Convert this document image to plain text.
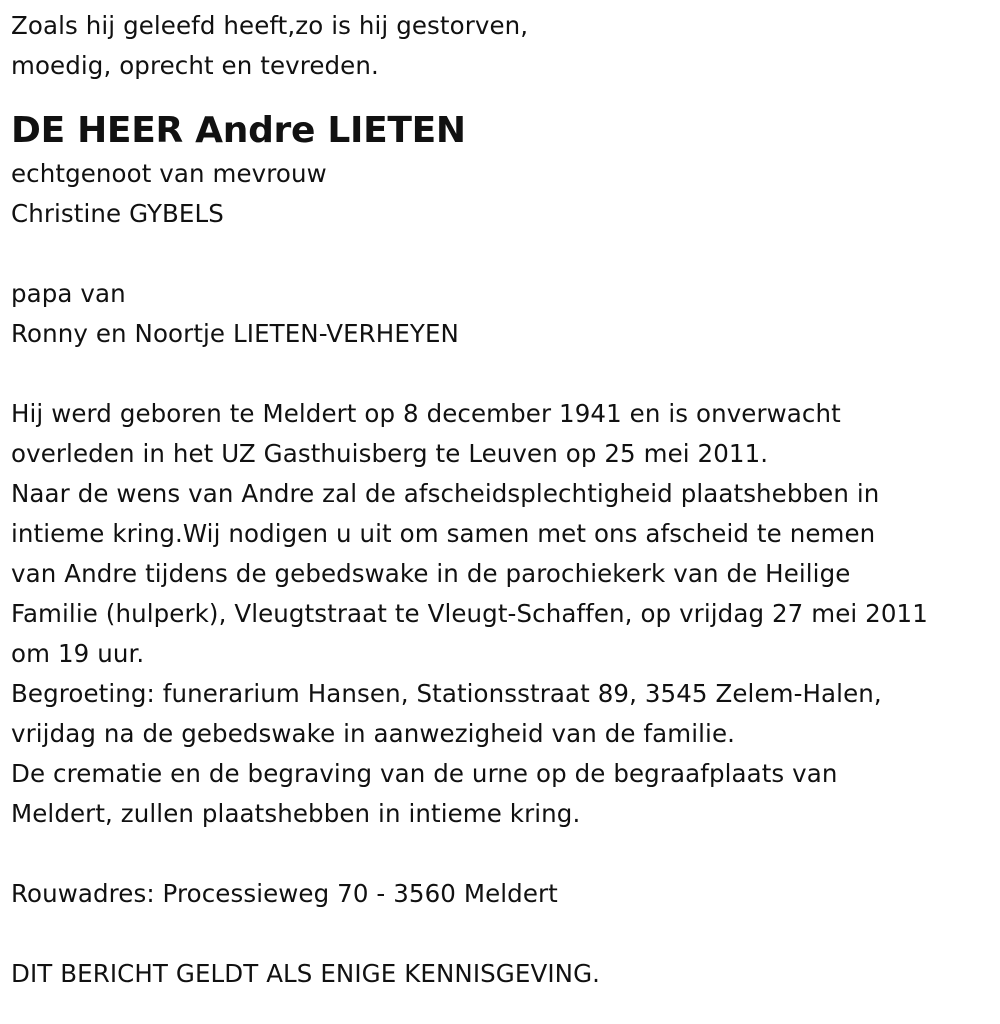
Zoals hij geleefd heeft,zo is hij gestorven,
moedig, oprecht en tevreden.
DE HEER Andre LIETEN
echtgenoot van mevrouw
Christine GYBELS
papa van
Ronny en Noortje LIETEN-VERHEYEN
Hij werd geboren te Meldert op 8 december 1941 en is onverwacht
overleden in het UZ Gasthuisberg te Leuven op 25 mei 2011.
Naar de wens van Andre zal de afscheidsplechtigheid plaatshebben in
intieme kring.Wij nodigen u uit om samen met ons afscheid te nemen
van Andre tijdens de gebedswake in de parochiekerk van de Heilige
Familie (hulperk), Vleugtstraat te Vleugt-Schaffen, op vrijdag 27 mei 2011
om 19 uur.
Begroeting: funerarium Hansen, Stationsstraat 89, 3545 Zelem-Halen,
vrijdag na de gebedswake in aanwezigheid van de familie.
De crematie en de begraving van de urne op de begraafplaats van
Meldert, zullen plaatshebben in intieme kring.
Rouwadres: Processieweg 70 - 3560 Meldert
DIT BERICHT GELDT ALS ENIGE KENNISGEVING.
